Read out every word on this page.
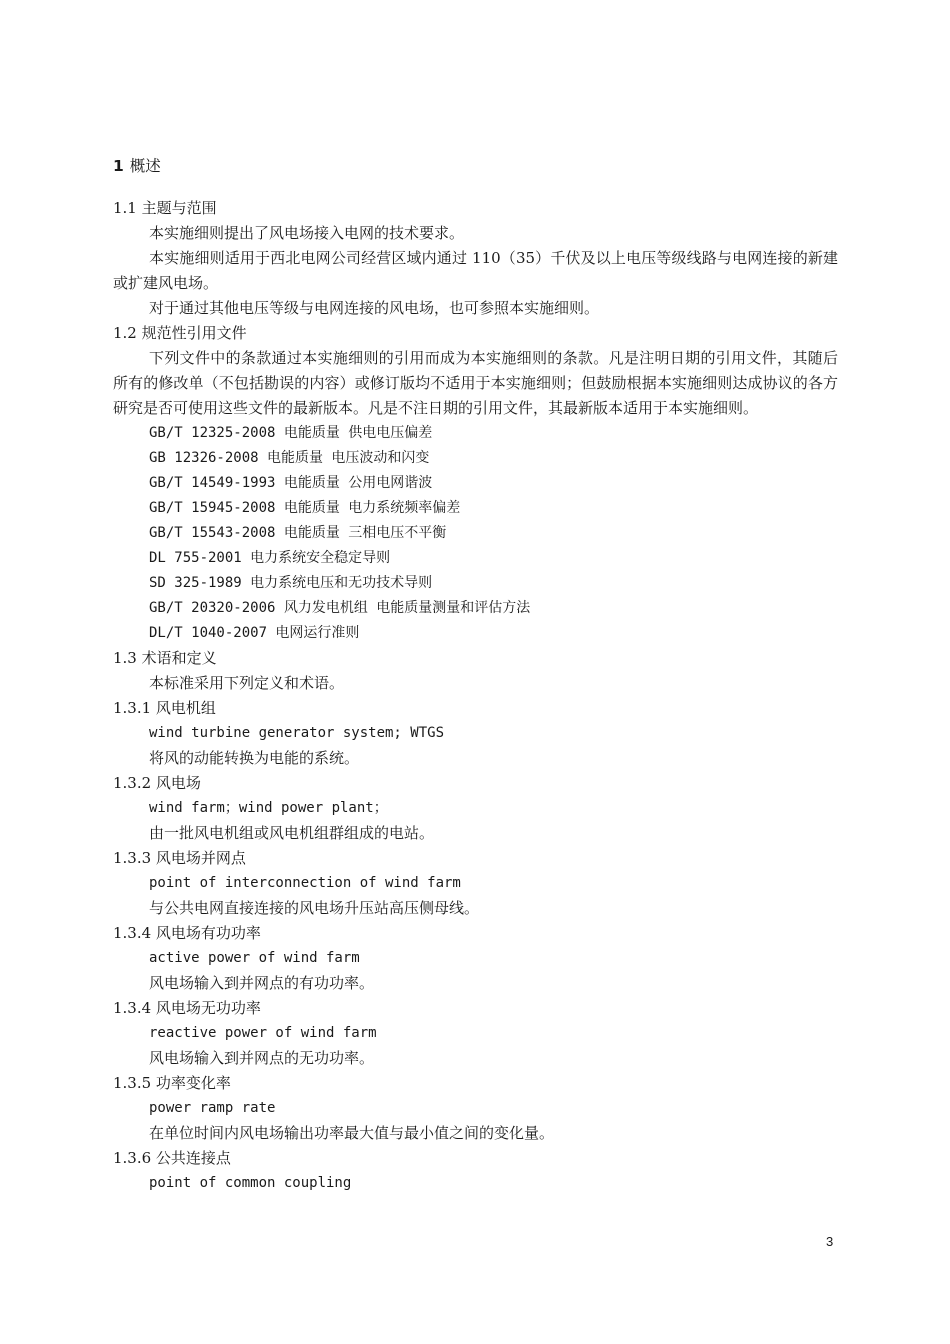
1 概述
1.1 主题与范围
本实施细则提出了风电场接入电网的技术要求。
本实施细则适用于西北电网公司经营区域内通过 110（35）千伏及以上电压等级线路与电网连接的新建或扩建风电场。
对于通过其他电压等级与电网连接的风电场，也可参照本实施细则。
1.2 规范性引用文件
下列文件中的条款通过本实施细则的引用而成为本实施细则的条款。凡是注明日期的引用文件，其随后所有的修改单（不包括勘误的内容）或修订版均不适用于本实施细则；但鼓励根据本实施细则达成协议的各方研究是否可使用这些文件的最新版本。凡是不注日期的引用文件，其最新版本适用于本实施细则。
GB/T 12325-2008 电能质量 供电电压偏差
GB 12326-2008 电能质量 电压波动和闪变
GB/T 14549-1993 电能质量 公用电网谐波
GB/T 15945-2008 电能质量 电力系统频率偏差
GB/T 15543-2008 电能质量 三相电压不平衡
DL 755-2001 电力系统安全稳定导则
SD 325-1989 电力系统电压和无功技术导则
GB/T 20320-2006 风力发电机组 电能质量测量和评估方法
DL/T 1040-2007 电网运行准则
1.3 术语和定义
本标准采用下列定义和术语。
1.3.1 风电机组
wind turbine generator system; WTGS
将风的动能转换为电能的系统。
1.3.2 风电场
wind farm；wind power plant；
由一批风电机组或风电机组群组成的电站。
1.3.3 风电场并网点
point of interconnection of wind farm
与公共电网直接连接的风电场升压站高压侧母线。
1.3.4 风电场有功功率
active power of wind farm
风电场输入到并网点的有功功率。
1.3.4 风电场无功功率
reactive power of wind farm
风电场输入到并网点的无功功率。
1.3.5 功率变化率
power ramp rate
在单位时间内风电场输出功率最大值与最小值之间的变化量。
1.3.6 公共连接点
point of common coupling
3
